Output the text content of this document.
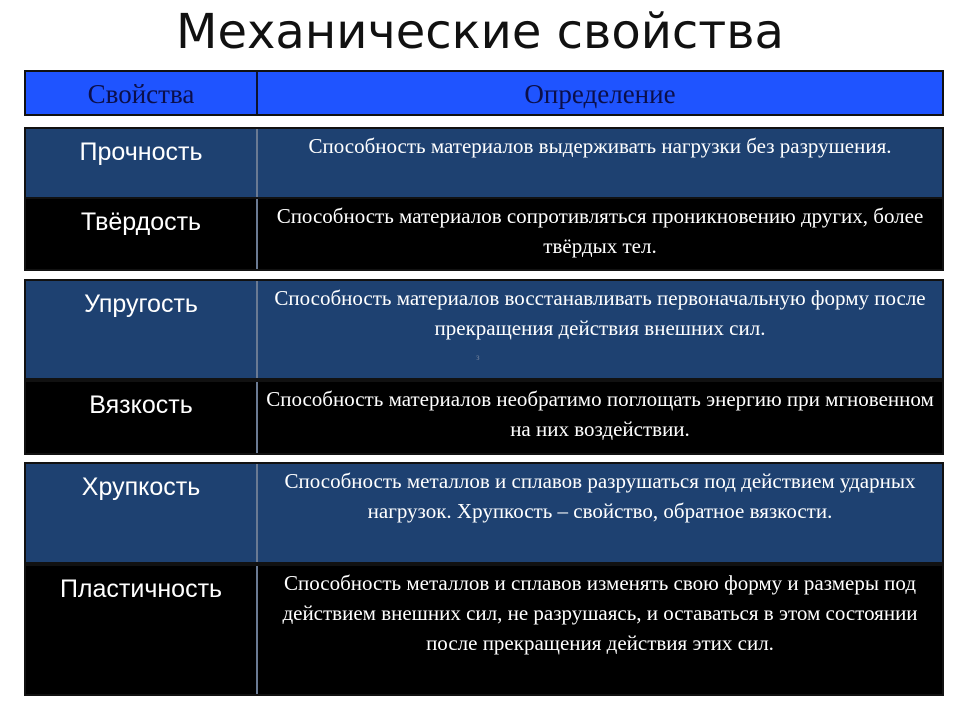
Механические свойства
Свойства	Определение
Прочность	Способность материалов выдерживать нагрузки без разрушения.
Твёрдость	Способность материалов сопротивляться проникновению других, более твёрдых тел.
Упругость	Способность материалов восстанавливать первоначальную форму после прекращения действия внешних сил.
з
Вязкость	Способность материалов необратимо поглощать энергию при мгновенном на них воздействии.
Хрупкость	Способность металлов и сплавов разрушаться под действием ударных нагрузок. Хрупкость – свойство, обратное вязкости.
Пластичность	Способность металлов и сплавов изменять свою форму и размеры под действием внешних сил, не разрушаясь, и оставаться в этом состоянии после прекращения действия этих сил.
